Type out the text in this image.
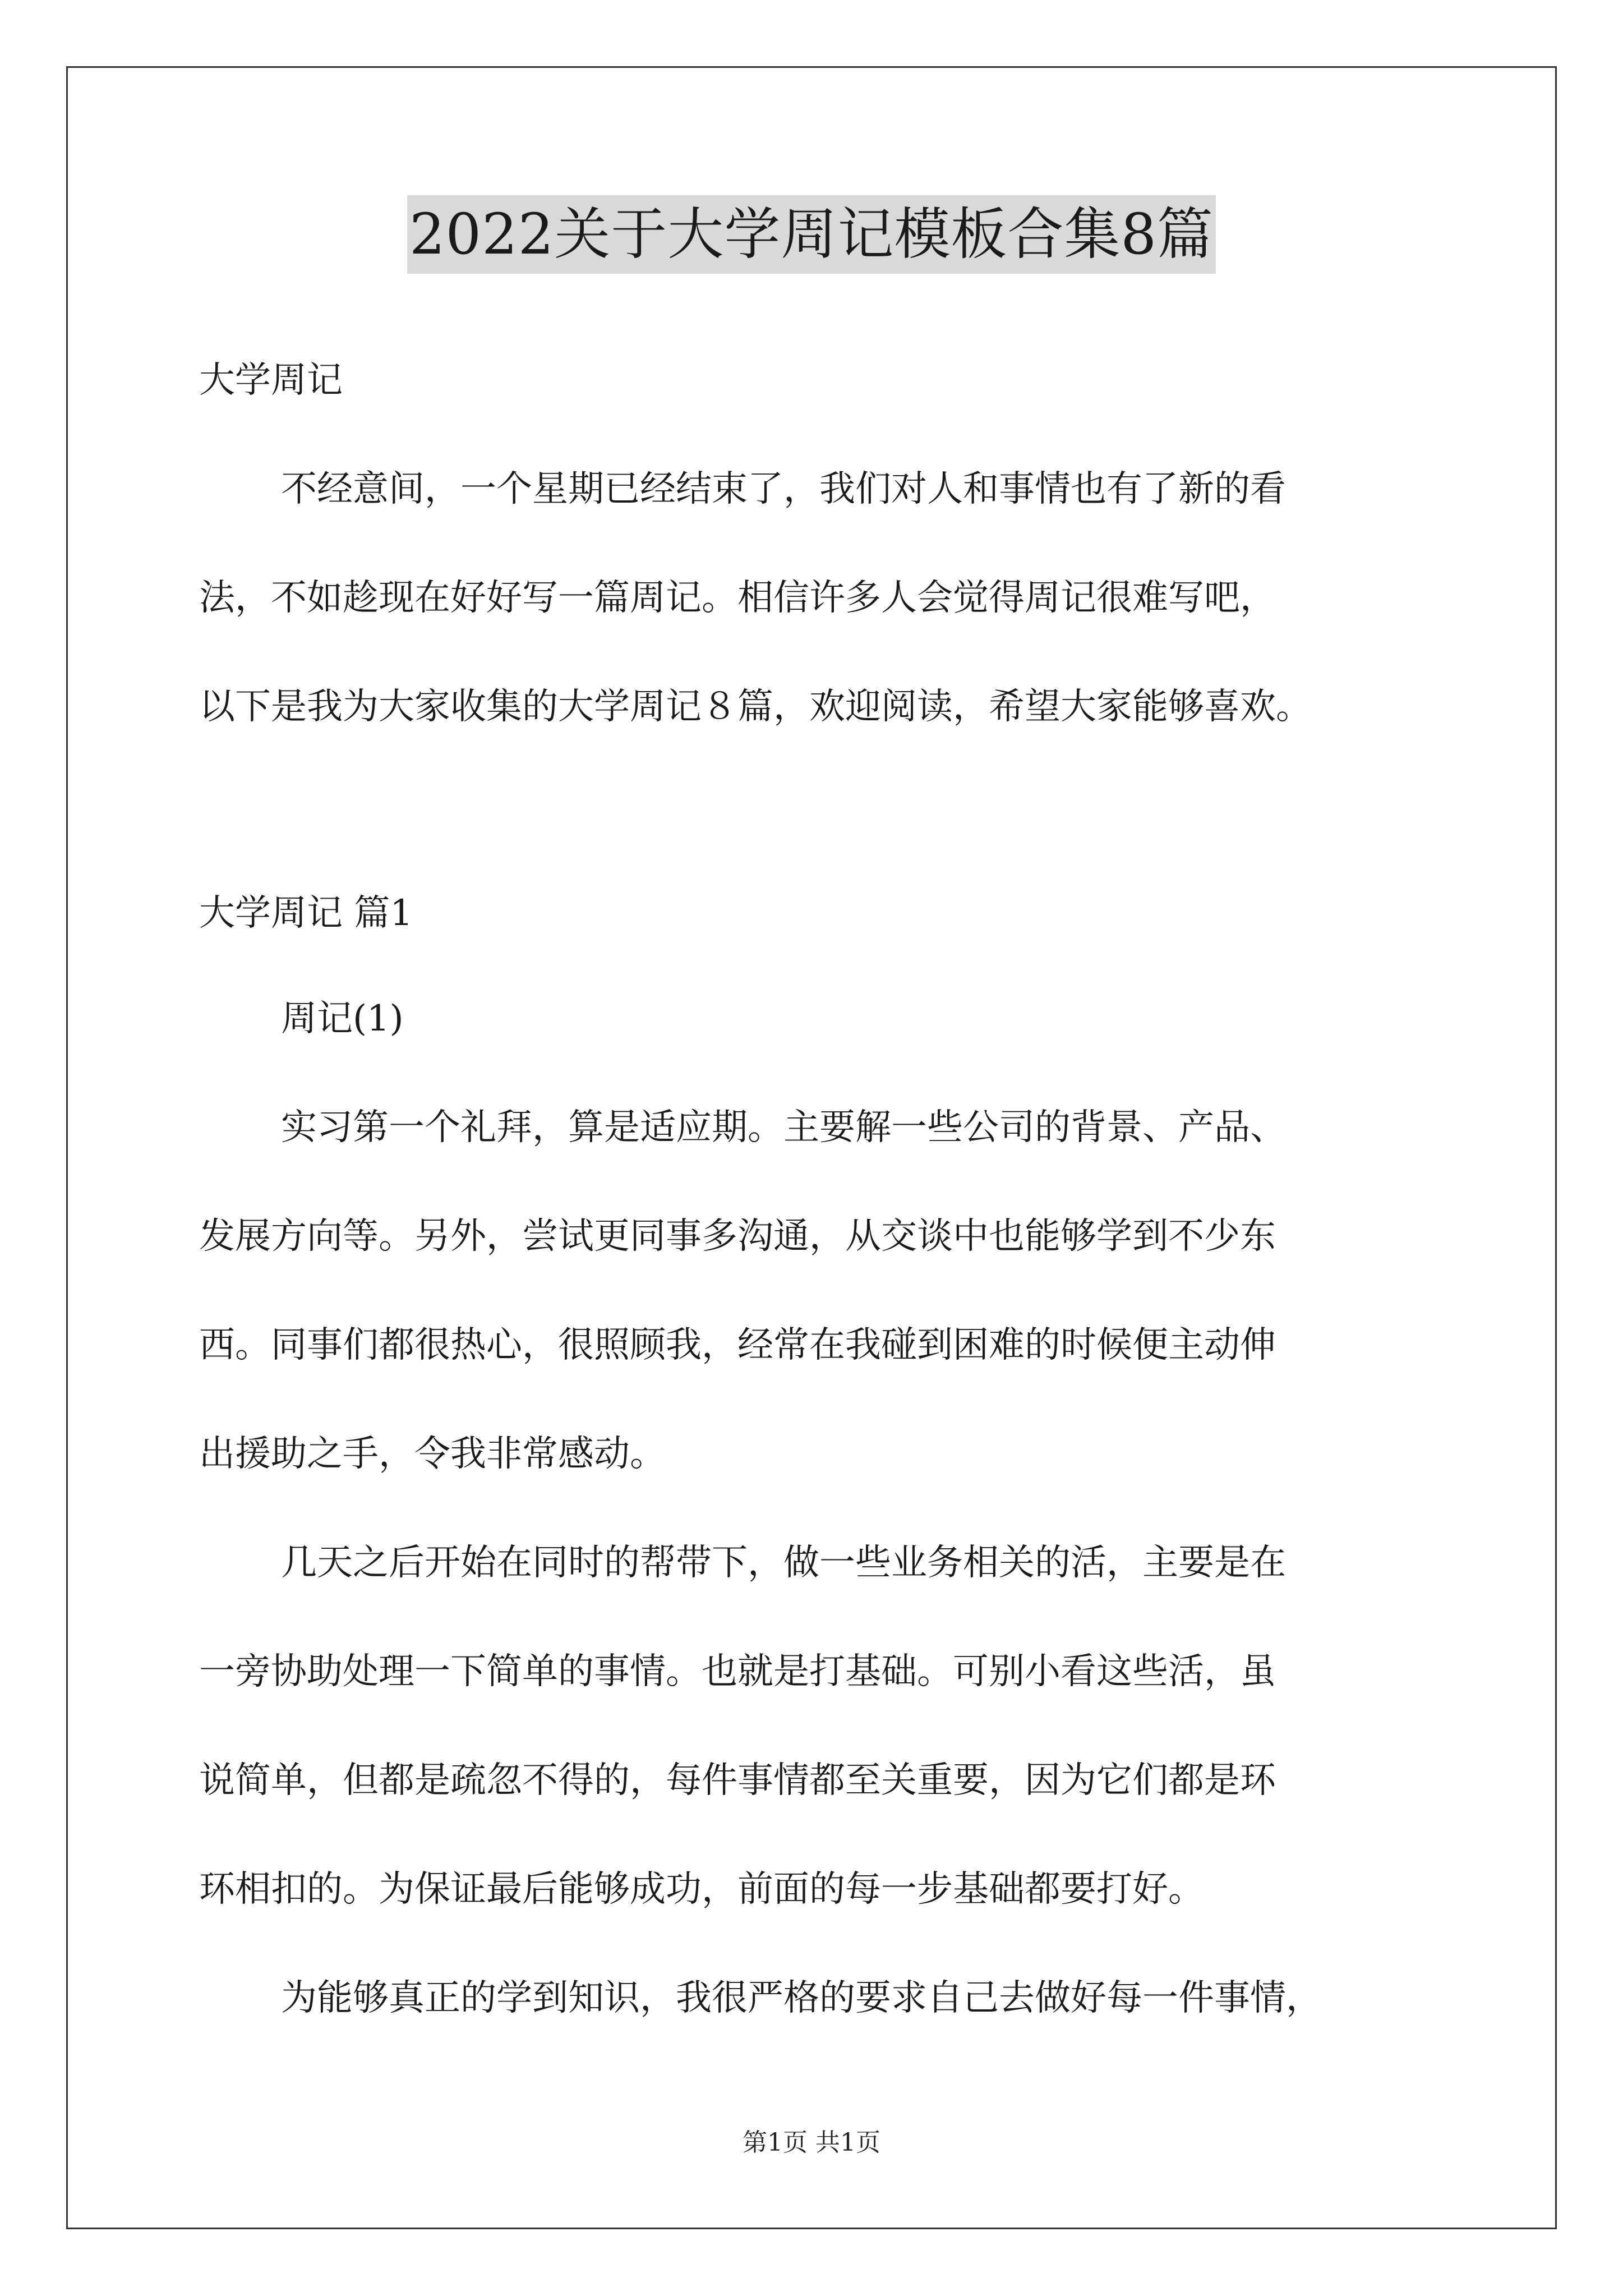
2022关于大学周记模板合集8篇
大学周记
不经意间，一个星期已经结束了，我们对人和事情也有了新的看
法，不如趁现在好好写一篇周记。相信许多人会觉得周记很难写吧，
以下是我为大家收集的大学周记８篇，欢迎阅读，希望大家能够喜欢。
大学周记 篇1
周记(1)
实习第一个礼拜，算是适应期。主要解一些公司的背景、产品、
发展方向等。另外，尝试更同事多沟通，从交谈中也能够学到不少东
西。同事们都很热心，很照顾我，经常在我碰到困难的时候便主动伸
出援助之手，令我非常感动。
几天之后开始在同时的帮带下，做一些业务相关的活，主要是在
一旁协助处理一下简单的事情。也就是打基础。可别小看这些活，虽
说简单，但都是疏忽不得的，每件事情都至关重要，因为它们都是环
环相扣的。为保证最后能够成功，前面的每一步基础都要打好。
为能够真正的学到知识，我很严格的要求自己去做好每一件事情，
第1页 共1页
